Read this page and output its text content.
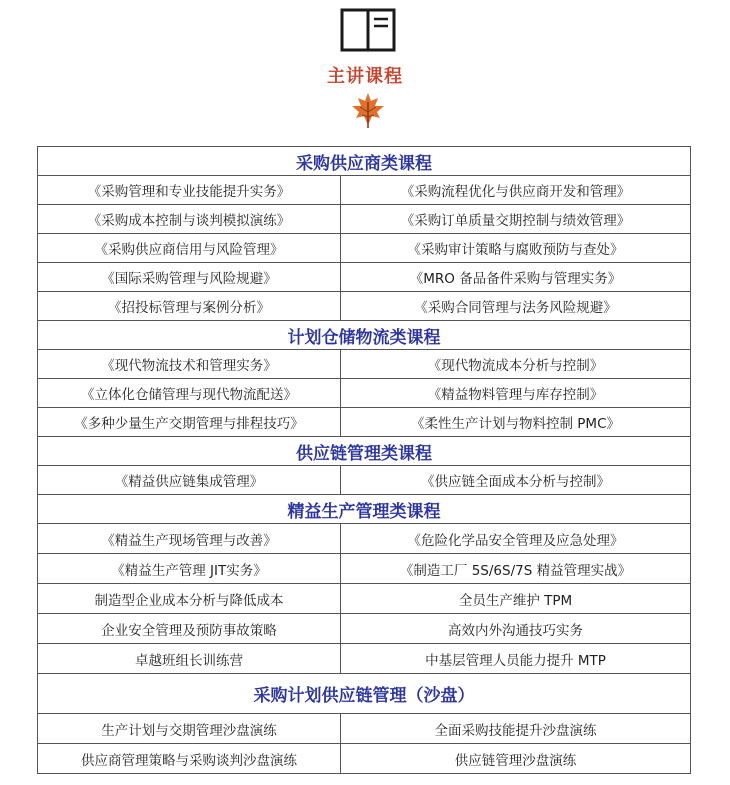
主讲课程
采购供应商类课程	
《采购管理和专业技能提升实务》	《采购流程优化与供应商开发和管理》
《采购成本控制与谈判模拟演练》	《采购订单质量交期控制与绩效管理》
《采购供应商信用与风险管理》	《采购审计策略与腐败预防与查处》
《国际采购管理与风险规避》	《MRO 备品备件采购与管理实务》
《招投标管理与案例分析》	《采购合同管理与法务风险规避》
计划仓储物流类课程	
《现代物流技术和管理实务》	《现代物流成本分析与控制》
《立体化仓储管理与现代物流配送》	《精益物料管理与库存控制》
《多种少量生产交期管理与排程技巧》	《柔性生产计划与物料控制 PMC》
供应链管理类课程	
《精益供应链集成管理》	《供应链全面成本分析与控制》
精益生产管理类课程	
《精益生产现场管理与改善》	《危险化学品安全管理及应急处理》
《精益生产管理 JIT实务》	《制造工厂 5S/6S/7S 精益管理实战》
制造型企业成本分析与降低成本	全员生产维护 TPM
企业安全管理及预防事故策略	高效内外沟通技巧实务
卓越班组长训练营	中基层管理人员能力提升 MTP
采购计划供应链管理（沙盘）	
生产计划与交期管理沙盘演练	全面采购技能提升沙盘演练
供应商管理策略与采购谈判沙盘演练	供应链管理沙盘演练
